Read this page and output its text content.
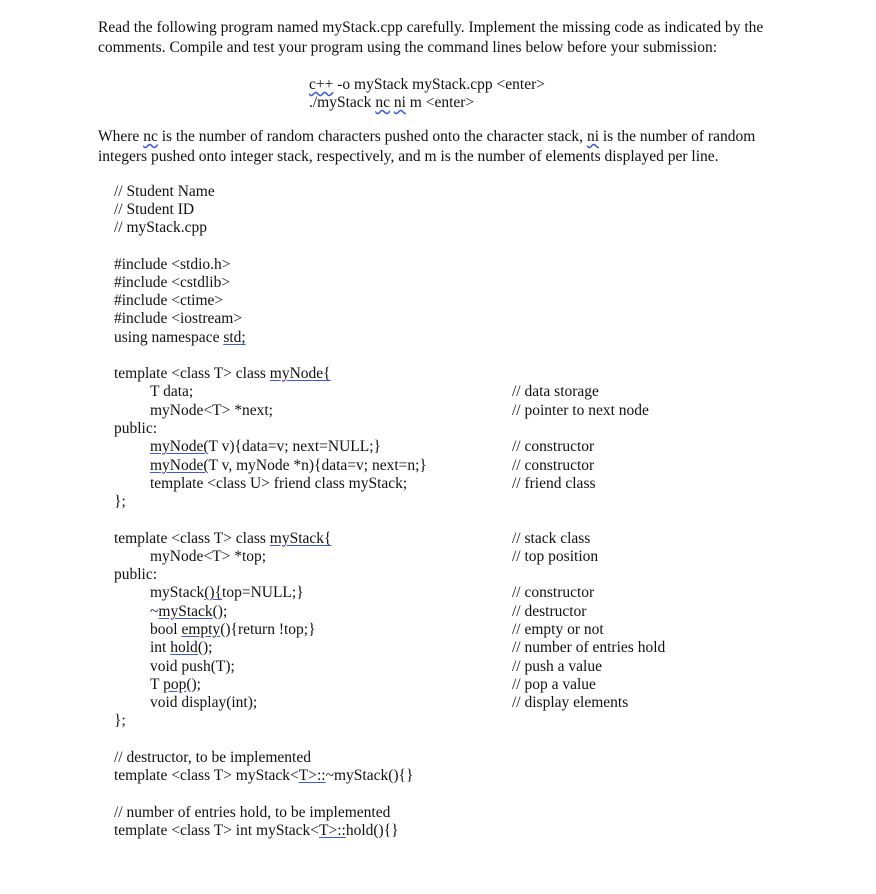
Read the following program named myStack.cpp carefully. Implement the missing code as indicated by the comments. Compile and test your program using the command lines below before your submission:
c++ -o myStack myStack.cpp <enter>
./myStack nc ni m <enter>
Where nc is the number of random characters pushed onto the character stack, ni is the number of random integers pushed onto integer stack, respectively, and m is the number of elements displayed per line.
// Student Name
// Student ID
// myStack.cpp
#include <stdio.h>
#include <cstdlib>
#include <ctime>
#include <iostream>
using namespace std;
template <class T> class myNode{
T data;
myNode<T> *next;
public:
myNode(T v){data=v; next=NULL;}
myNode(T v, myNode *n){data=v; next=n;}
template <class U> friend class myStack;
};
// data storage
// pointer to next node
// constructor
// constructor
// friend class
template <class T> class myStack{
myNode<T> *top;
public:
myStack(){top=NULL;}
~myStack();
bool empty(){return !top;}
int hold();
void push(T);
T pop();
void display(int);
};
// stack class
// top position
// constructor
// destructor
// empty or not
// number of entries hold
// push a value
// pop a value
// display elements
// destructor, to be implemented
template <class T> myStack<T>::~myStack(){}
// number of entries hold, to be implemented
template <class T> int myStack<T>::hold(){}
